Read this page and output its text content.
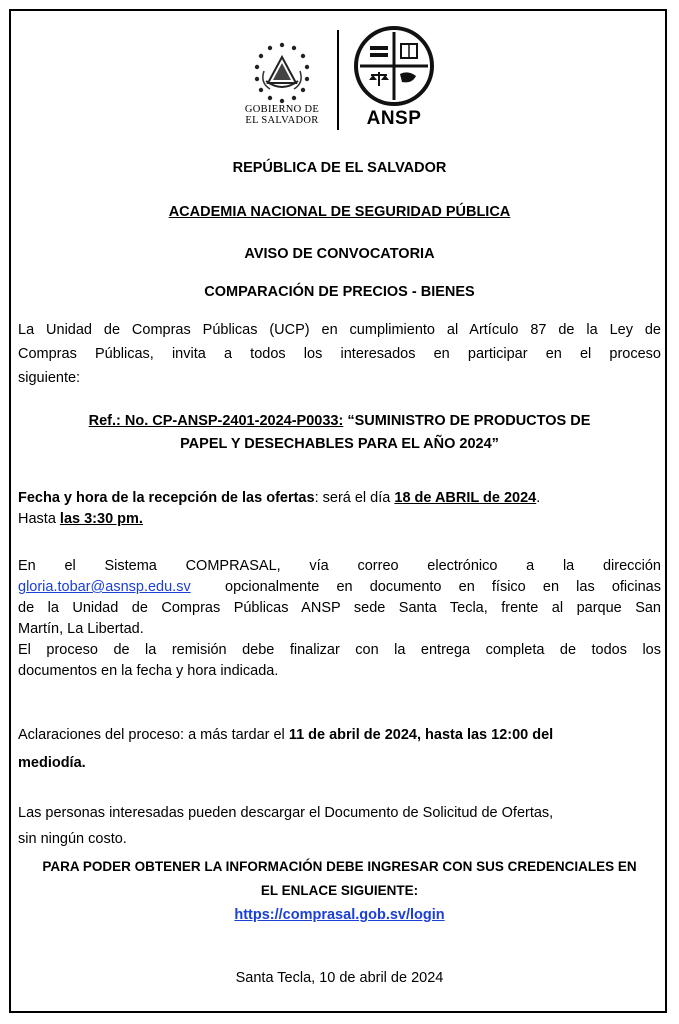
GOBIERNO DE
EL SALVADOR	ANSP
REPÚBLICA DE EL SALVADOR
ACADEMIA NACIONAL DE SEGURIDAD PÚBLICA
AVISO DE CONVOCATORIA
COMPARACIÓN DE PRECIOS - BIENES
La Unidad de Compras Públicas (UCP) en cumplimiento al Artículo 87 de la Ley de
Compras Públicas, invita a todos los interesados en participar en el proceso
siguiente:
Ref.: No. CP-ANSP-2401-2024-P0033: “SUMINISTRO DE PRODUCTOS DE
PAPEL Y DESECHABLES PARA EL AÑO 2024”
Fecha y hora de la recepción de las ofertas: será el día 18 de ABRIL de 2024.
Hasta las 3:30 pm.
En el Sistema COMPRASAL, vía correo electrónico a la dirección
gloria.tobar@asnsp.edu.sv opcionalmente en documento en físico en las oficinas
de la Unidad de Compras Públicas ANSP sede Santa Tecla, frente al parque San
Martín, La Libertad.
El proceso de la remisión debe finalizar con la entrega completa de todos los
documentos en la fecha y hora indicada.
Aclaraciones del proceso: a más tardar el 11 de abril de 2024, hasta las 12:00 del
mediodía.
Las personas interesadas pueden descargar el Documento de Solicitud de Ofertas,
sin ningún costo.
PARA PODER OBTENER LA INFORMACIÓN DEBE INGRESAR CON SUS CREDENCIALES EN
EL ENLACE SIGUIENTE:
https://comprasal.gob.sv/login
Santa Tecla, 10 de abril de 2024
